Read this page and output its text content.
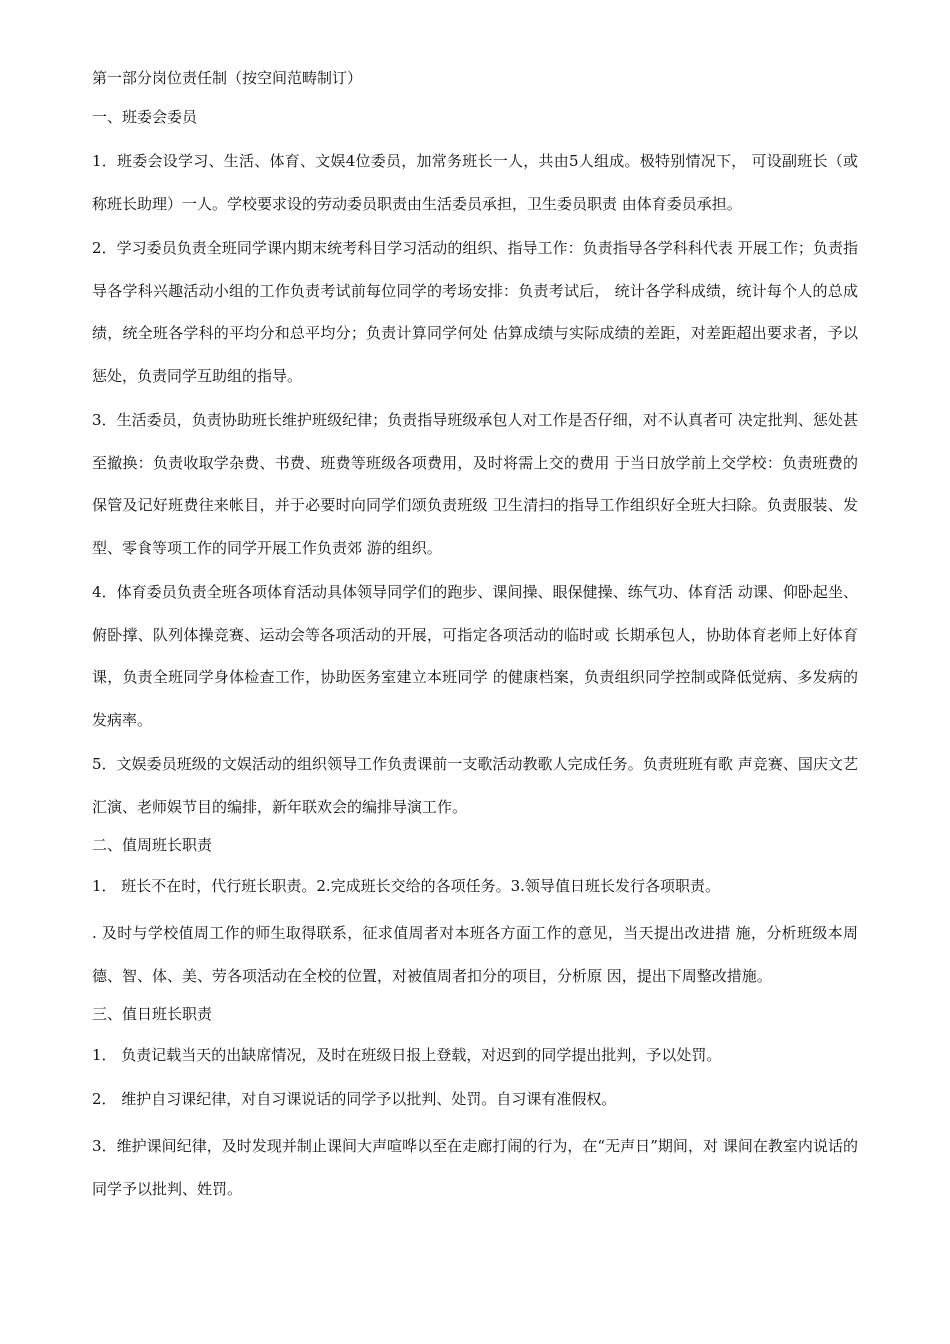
第一部分岗位责任制（按空间范畴制订）
一、班委会委员
1．班委会设学习、生活、体育、文娱4位委员，加常务班长一人，共由5人组成。极特别情况下， 可设副班长（或称班长助理）一人。学校要求设的劳动委员职责由生活委员承担，卫生委员职责 由体育委员承担。
2．学习委员负责全班同学课内期末统考科目学习活动的组织、指导工作：负责指导各学科科代表 开展工作；负责指导各学科兴趣活动小组的工作负责考试前每位同学的考场安排：负责考试后， 统计各学科成绩，统计每个人的总成绩，统全班各学科的平均分和总平均分；负责计算同学何处 估算成绩与实际成绩的差距，对差距超出要求者，予以惩处，负责同学互助组的指导。
3．生活委员，负责协助班长维护班级纪律；负责指导班级承包人对工作是否仔细，对不认真者可 决定批判、惩处甚至撤换：负责收取学杂费、书费、班费等班级各项费用，及时将需上交的费用 于当日放学前上交学校：负责班费的保管及记好班费往来帐目，并于必要时向同学们颂负责班级 卫生清扫的指导工作组织好全班大扫除。负责服装、发型、零食等项工作的同学开展工作负责郊 游的组织。
4．体育委员负责全班各项体育活动具体领导同学们的跑步、课间操、眼保健操、练气功、体育活 动课、仰卧起坐、俯卧撑、队列体操竞赛、运动会等各项活动的开展，可指定各项活动的临时或 长期承包人，协助体育老师上好体育课，负责全班同学身体检查工作，协助医务室建立本班同学 的健康档案，负责组织同学控制或降低觉病、多发病的发病率。
5．文娱委员班级的文娱活动的组织领导工作负责课前一支歌活动教歌人完成任务。负责班班有歌 声竞赛、国庆文艺汇演、老师娱节目的编排，新年联欢会的编排导演工作。
二、值周班长职责
1． 班长不在时，代行班长职责。2.完成班长交给的各项任务。3.领导值日班长发行各项职责。
. 及时与学校值周工作的师生取得联系，征求值周者对本班各方面工作的意见，当天提出改进措 施，分析班级本周德、智、体、美、劳各项活动在全校的位置，对被值周者扣分的项目，分析原 因，提出下周整改措施。
三、值日班长职责
1． 负责记载当天的出缺席情况，及时在班级日报上登载，对迟到的同学提出批判，予以处罚。
2． 维护自习课纪律，对自习课说话的同学予以批判、处罚。自习课有准假权。
3．维护课间纪律，及时发现并制止课间大声喧哗以至在走廊打闹的行为，在“无声日”期间，对 课间在教室内说话的同学予以批判、姓罚。
